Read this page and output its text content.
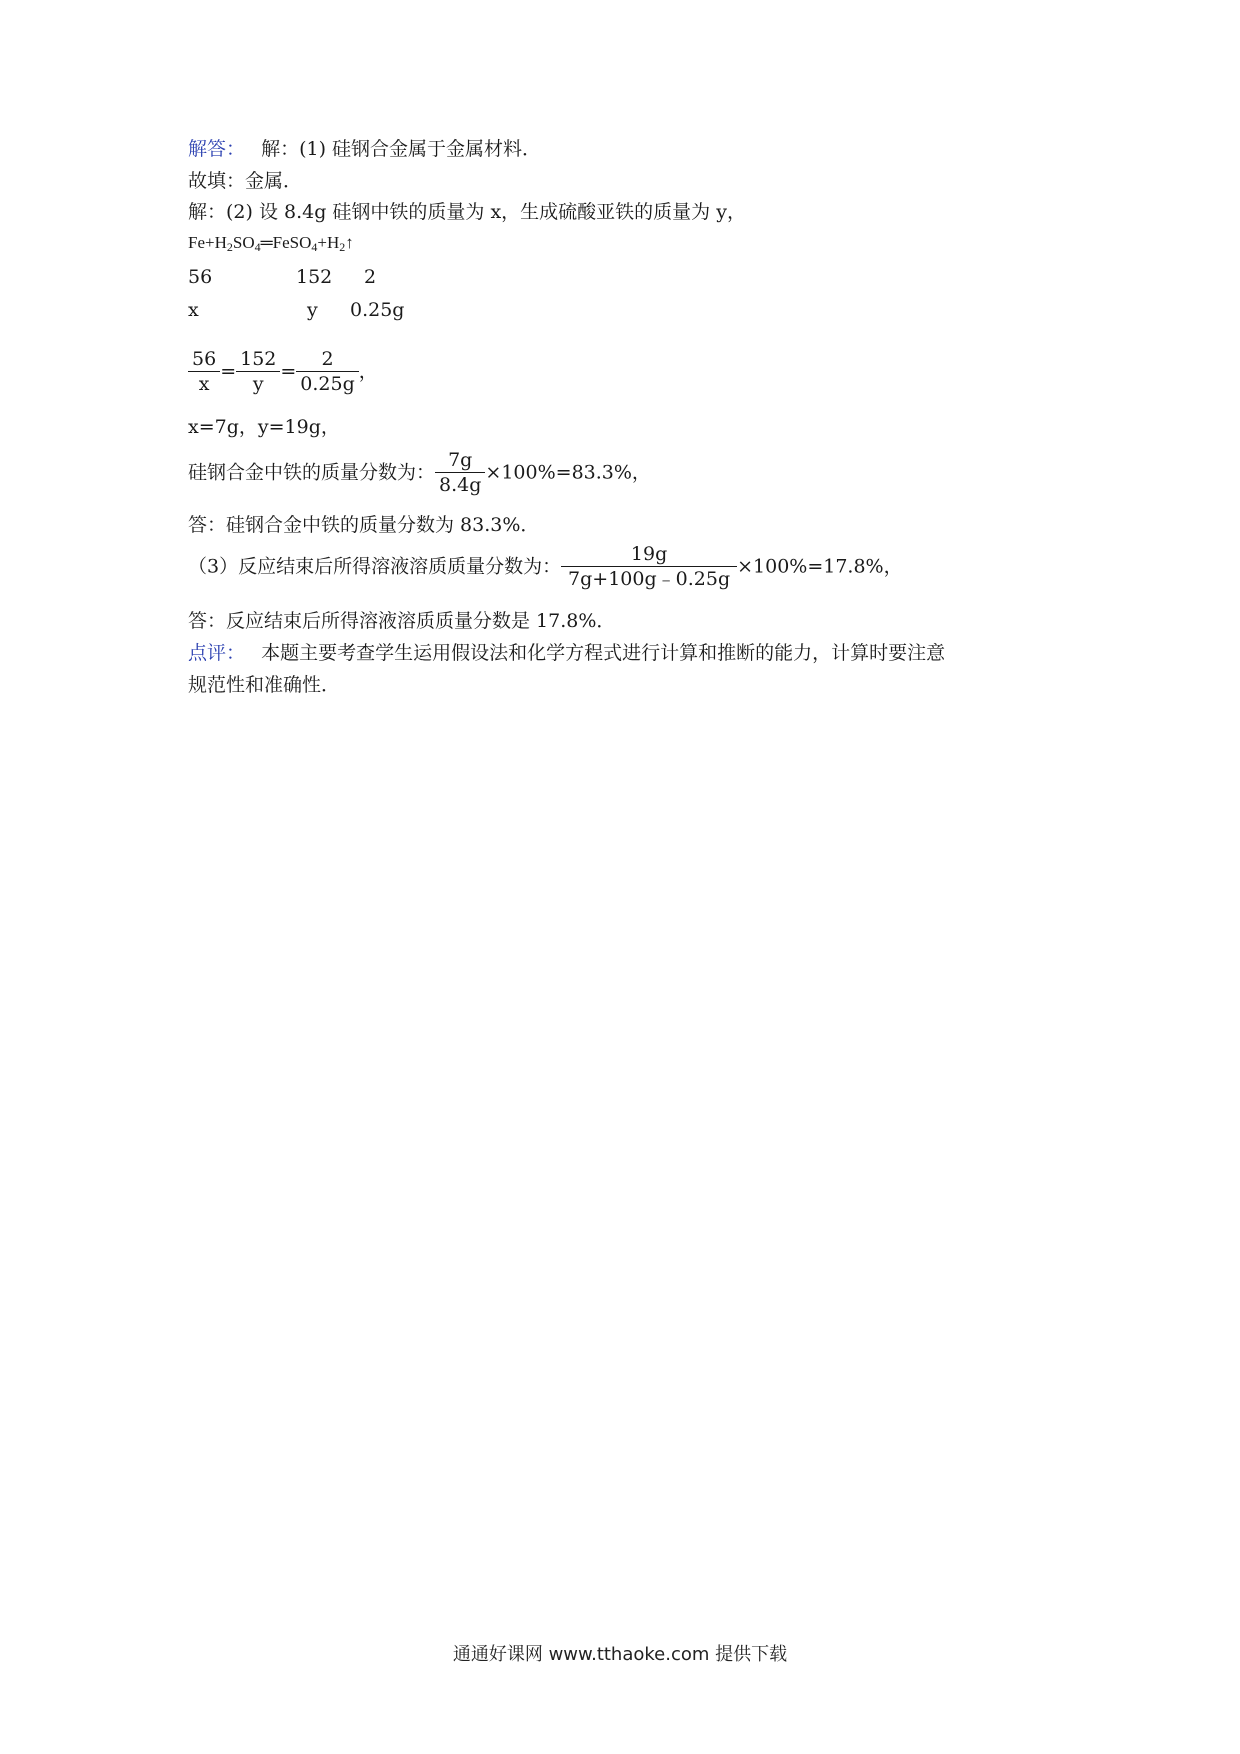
解答： 解：(1) 硅钢合金属于金属材料．
故填：金属．
解：(2) 设 8.4g 硅钢中铁的质量为 x，生成硫酸亚铁的质量为 y，
$Fe+H_2SO_4═FeSO_4+H_2↑$
56	152 2
x	y 0.25g
$\frac{56}{x} = \frac{152}{y} = \frac{2}{0.25g}$ ，
x=7g，y=19g，
硅钢合金中铁的质量分数为： $\frac{7g}{8.4g} \times 100\%=83.3\%$，
答：硅钢合金中铁的质量分数为 83.3%．
（3）反应结束后所得溶液溶质质量分数为： $\frac{19g}{7g+100g﹣0.25g} \times 100\%=17.8\%$，
答：反应结束后所得溶液溶质质量分数是 17.8%．
点评： 本题主要考查学生运用假设法和化学方程式进行计算和推断的能力，计算时要注意
规范性和准确性．
通通好课网 www.tthaoke.com 提供下载
